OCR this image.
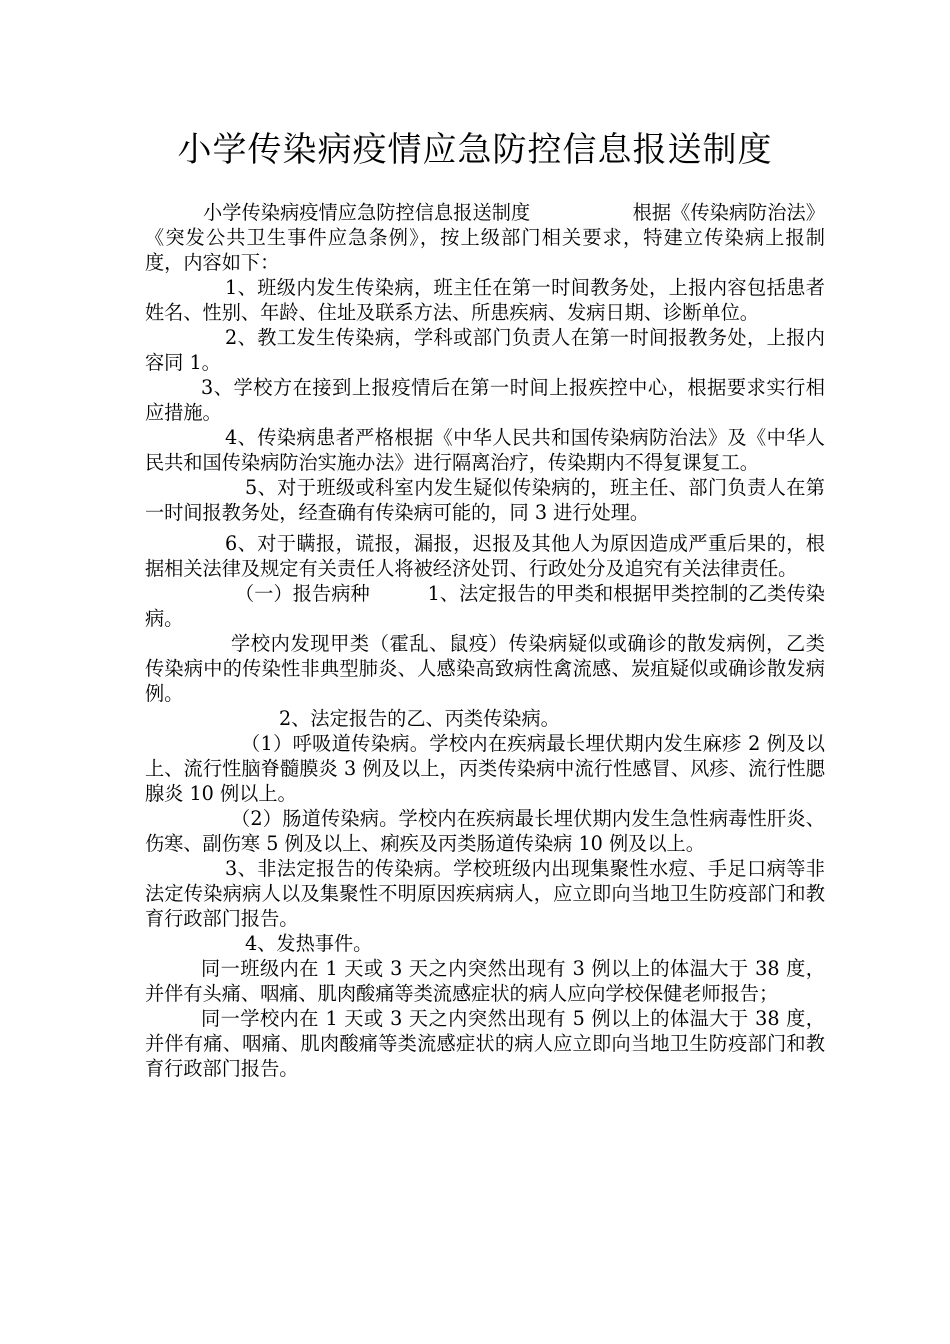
小学传染病疫情应急防控信息报送制度

小学传染病疫情应急防控信息报送制度　　　　　 根据《传染病防治法》《突发公共卫生事件应急条例》，按上级部门相关要求，特建立传染病上报制度，内容如下：

1、班级内发生传染病，班主任在第一时间教务处，上报内容包括患者姓名、性别、年龄、住址及联系方法、所患疾病、发病日期、诊断单位。

2、教工发生传染病，学科或部门负责人在第一时间报教务处，上报内容同 1。

3、学校方在接到上报疫情后在第一时间上报疾控中心，根据要求实行相应措施。

4、传染病患者严格根据《中华人民共和国传染病防治法》及《中华人民共和国传染病防治实施办法》进行隔离治疗，传染期内不得复课复工。

5、对于班级或科室内发生疑似传染病的，班主任、部门负责人在第一时间报教务处，经查确有传染病可能的，同 3 进行处理。

6、对于瞒报，谎报，漏报，迟报及其他人为原因造成严重后果的，根据相关法律及规定有关责任人将被经济处罚、行政处分及追究有关法律责任。

（一）报告病种　　　1、法定报告的甲类和根据甲类控制的乙类传染病。

学校内发现甲类（霍乱、鼠疫）传染病疑似或确诊的散发病例，乙类传染病中的传染性非典型肺炎、人感染高致病性禽流感、炭疽疑似或确诊散发病例。

2、法定报告的乙、丙类传染病。

（1）呼吸道传染病。学校内在疾病最长埋伏期内发生麻疹 2 例及以上、流行性脑脊髓膜炎 3 例及以上，丙类传染病中流行性感冒、风疹、流行性腮腺炎 10 例以上。

（2）肠道传染病。学校内在疾病最长埋伏期内发生急性病毒性肝炎、伤寒、副伤寒 5 例及以上、痢疾及丙类肠道传染病 10 例及以上。

3、非法定报告的传染病。学校班级内出现集聚性水痘、手足口病等非法定传染病病人以及集聚性不明原因疾病病人，应立即向当地卫生防疫部门和教育行政部门报告。

4、发热事件。

同一班级内在 1 天或 3 天之内突然出现有 3 例以上的体温大于 38 度，并伴有头痛、咽痛、肌肉酸痛等类流感症状的病人应向学校保健老师报告；

同一学校内在 1 天或 3 天之内突然出现有 5 例以上的体温大于 38 度，并伴有痛、咽痛、肌肉酸痛等类流感症状的病人应立即向当地卫生防疫部门和教育行政部门报告。
